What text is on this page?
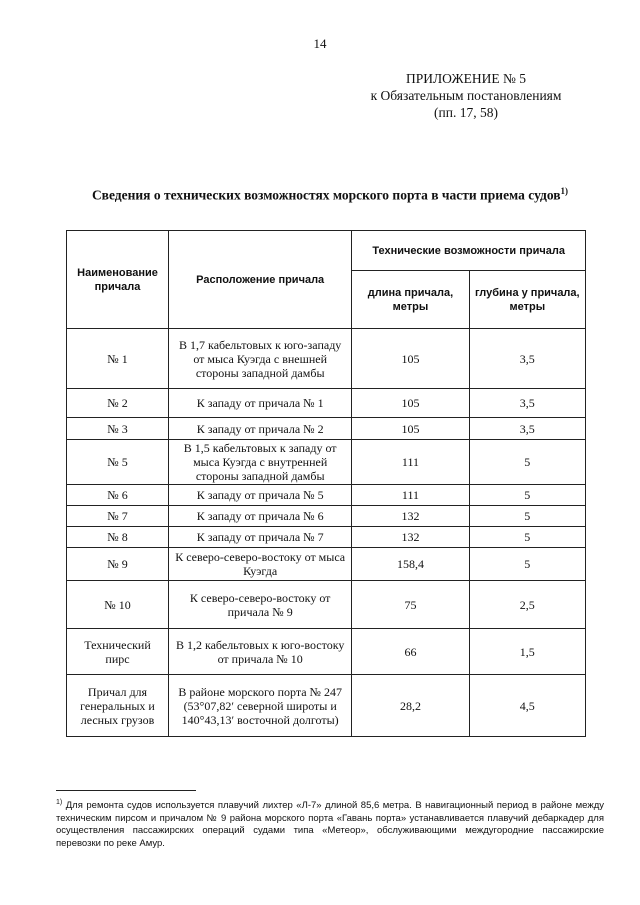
14
ПРИЛОЖЕНИЕ № 5
к Обязательным постановлениям
(пп. 17, 58)
Сведения о технических возможностях морского порта в части приема судов$^{1)}$
Наименование причала	Расположение причала	Технические возможности причала	
		длина причала, метры	глубина у причала, метры
№ 1	В 1,7 кабельтовых к юго-западу от мыса Куэгда с внешней стороны западной дамбы	105	3,5
№ 2	К западу от причала № 1	105	3,5
№ 3	К западу от причала № 2	105	3,5
№ 5	В 1,5 кабельтовых к западу от мыса Куэгда с внутренней стороны западной дамбы	111	5
№ 6	К западу от причала № 5	111	5
№ 7	К западу от причала № 6	132	5
№ 8	К западу от причала № 7	132	5
№ 9	К северо-северо-востоку от мыса Куэгда	158,4	5
№ 10	К северо-северо-востоку от причала № 9	75	2,5
Технический пирс	В 1,2 кабельтовых к юго-востоку от причала № 10	66	1,5
Причал для генеральных и лесных грузов	В районе морского порта № 247 (53°07,82′ северной широты и 140°43,13′ восточной долготы)	28,2	4,5
$^{1)}$ Для ремонта судов используется плавучий лихтер «Л-7» длиной 85,6 метра. В навигационный период в районе между техническим пирсом и причалом № 9 района морского порта «Гавань порта» устанавливается плавучий дебаркадер для осуществления пассажирских операций судами типа «Метеор», обслуживающими междугородние пассажирские перевозки по реке Амур.
